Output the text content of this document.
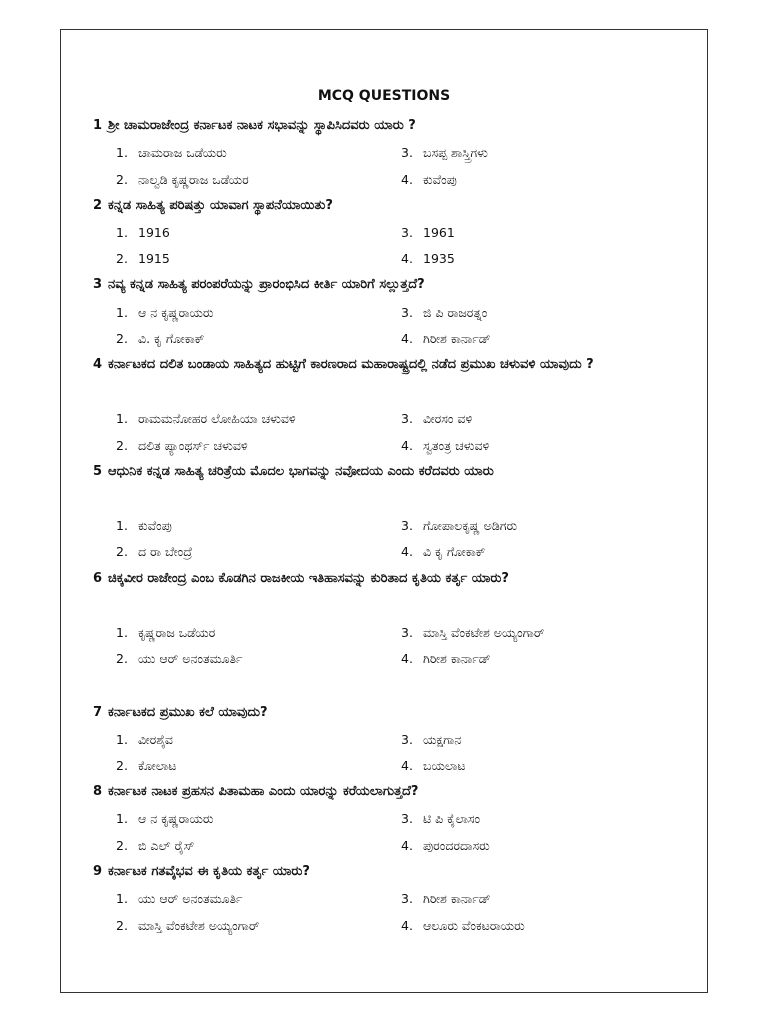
MCQ QUESTIONS
1 ಶ್ರೀ ಚಾಮರಾಜೇಂದ್ರ ಕರ್ನಾಟಕ ನಾಟಕ ಸಭಾವನ್ನು ಸ್ಥಾಪಿಸಿದವರು ಯಾರು ?
1. ಚಾಮರಾಜ ಒಡೆಯರು
2. ನಾಲ್ವಡಿ ಕೃಷ್ಣರಾಜ ಒಡೆಯರ
3. ಬಸಪ್ಪ ಶಾಸ್ತ್ರಿಗಳು
4. ಕುವೆಂಪು
2 ಕನ್ನಡ ಸಾಹಿತ್ಯ ಪರಿಷತ್ತು ಯಾವಾಗ ಸ್ಥಾಪನೆಯಾಯಿತು?
1. 1916
2. 1915
3. 1961
4. 1935
3 ನವ್ಯ ಕನ್ನಡ ಸಾಹಿತ್ಯ ಪರಂಪರೆಯನ್ನು ಪ್ರಾರಂಭಿಸಿದ ಕೀರ್ತಿ ಯಾರಿಗೆ ಸಲ್ಲುತ್ತದೆ?
1. ಆ ನ ಕೃಷ್ಣರಾಯರು
2. ವಿ. ಕೃ ಗೋಕಾಕ್
3. ಜಿ ಪಿ ರಾಜರತ್ನಂ
4. ಗಿರೀಶ ಕಾರ್ನಾಡ್
4 ಕರ್ನಾಟಕದ ದಲಿತ ಬಂಡಾಯ ಸಾಹಿತ್ಯದ ಹುಟ್ಟಿಗೆ ಕಾರಣರಾದ ಮಹಾರಾಷ್ಟ್ರದಲ್ಲಿ ನಡೆದ ಪ್ರಮುಖ ಚಳುವಳಿ ಯಾವುದು ?
1. ರಾಮಮನೋಹರ ಲೋಹಿಯಾ ಚಳುವಳಿ
2. ದಲಿತ ಪ್ಯಾಂಥರ್ಸ್ ಚಳುವಳಿ
3. ವೀರಸಂ ವಳಿ
4. ಸ್ವತಂತ್ರ ಚಳುವಳಿ
5 ಆಧುನಿಕ ಕನ್ನಡ ಸಾಹಿತ್ಯ ಚರಿತ್ರೆಯ ಮೊದಲ ಭಾಗವನ್ನು ನವೋದಯ ಎಂದು ಕರೆದವರು ಯಾರು
1. ಕುವೆಂಪು
2. ದ ರಾ ಬೇಂದ್ರೆ
3. ಗೋಪಾಲಕೃಷ್ಣ ಅಡಿಗರು
4. ವಿ ಕೃ ಗೋಕಾಕ್
6 ಚಿಕ್ಕವೀರ ರಾಜೇಂದ್ರ ಎಂಬ ಕೊಡಗಿನ ರಾಜಕೀಯ ಇತಿಹಾಸವನ್ನು ಕುರಿತಾದ ಕೃತಿಯ ಕರ್ತೃ ಯಾರು?
1. ಕೃಷ್ಣರಾಜ ಒಡೆಯರ
2. ಯು ಆರ್ ಅನಂತಮೂರ್ತಿ
3. ಮಾಸ್ತಿ ವೆಂಕಟೇಶ ಅಯ್ಯಂಗಾರ್
4. ಗಿರೀಶ ಕಾರ್ನಾಡ್
7 ಕರ್ನಾಟಕದ ಪ್ರಮುಖ ಕಲೆ ಯಾವುದು?
1. ವೀರಶೈವ
2. ಕೋಲಾಟ
3. ಯಕ್ಷಗಾನ
4. ಬಯಲಾಟ
8 ಕರ್ನಾಟಕ ನಾಟಕ ಪ್ರಹಸನ ಪಿತಾಮಹಾ ಎಂದು ಯಾರನ್ನು ಕರೆಯಲಾಗುತ್ತದೆ?
1. ಆ ನ ಕೃಷ್ಣರಾಯರು
2. ಬಿ ಎಲ್ ರೈಸ್
3. ಟಿ ಪಿ ಕೈಲಾಸಂ
4. ಪುರಂದರದಾಸರು
9 ಕರ್ನಾಟಕ ಗತವೈಭವ ಈ ಕೃತಿಯ ಕರ್ತೃ ಯಾರು?
1. ಯು ಆರ್ ಅನಂತಮೂರ್ತಿ
2. ಮಾಸ್ತಿ ವೆಂಕಟೇಶ ಅಯ್ಯಂಗಾರ್
3. ಗಿರೀಶ ಕಾರ್ನಾಡ್
4. ಆಲೂರು ವೆಂಕಟರಾಯರು
